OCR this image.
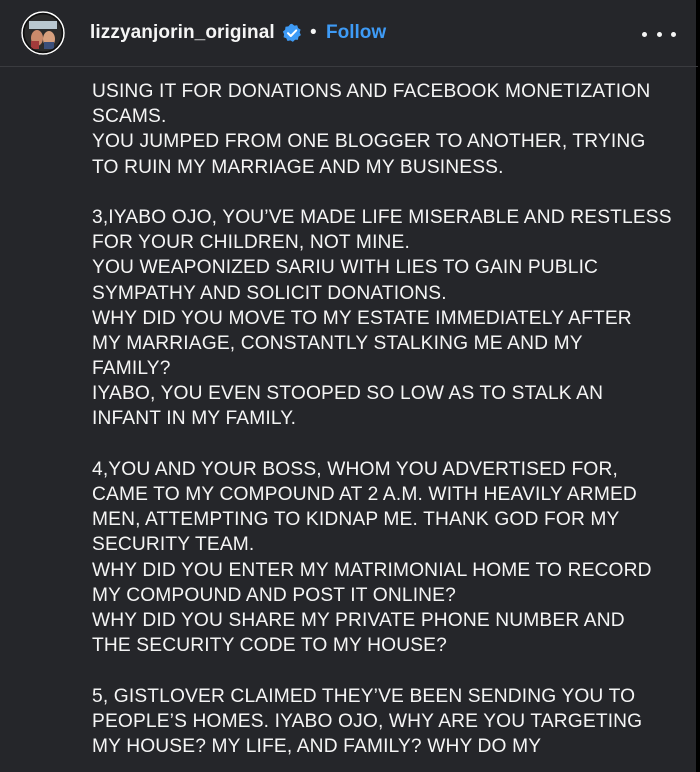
lizzyanjorin_original • Follow
USING IT FOR DONATIONS AND FACEBOOK MONETIZATION
SCAMS.
YOU JUMPED FROM ONE BLOGGER TO ANOTHER, TRYING
TO RUIN MY MARRIAGE AND MY BUSINESS.
3,IYABO OJO, YOU’VE MADE LIFE MISERABLE AND RESTLESS
FOR YOUR CHILDREN, NOT MINE.
YOU WEAPONIZED SARIU WITH LIES TO GAIN PUBLIC
SYMPATHY AND SOLICIT DONATIONS.
WHY DID YOU MOVE TO MY ESTATE IMMEDIATELY AFTER
MY MARRIAGE, CONSTANTLY STALKING ME AND MY
FAMILY?
IYABO, YOU EVEN STOOPED SO LOW AS TO STALK AN
INFANT IN MY FAMILY.
4,YOU AND YOUR BOSS, WHOM YOU ADVERTISED FOR,
CAME TO MY COMPOUND AT 2 A.M. WITH HEAVILY ARMED
MEN, ATTEMPTING TO KIDNAP ME. THANK GOD FOR MY
SECURITY TEAM.
WHY DID YOU ENTER MY MATRIMONIAL HOME TO RECORD
MY COMPOUND AND POST IT ONLINE?
WHY DID YOU SHARE MY PRIVATE PHONE NUMBER AND
THE SECURITY CODE TO MY HOUSE?
5, GISTLOVER CLAIMED THEY’VE BEEN SENDING YOU TO
PEOPLE’S HOMES. IYABO OJO, WHY ARE YOU TARGETING
MY HOUSE? MY LIFE, AND FAMILY? WHY DO MY
